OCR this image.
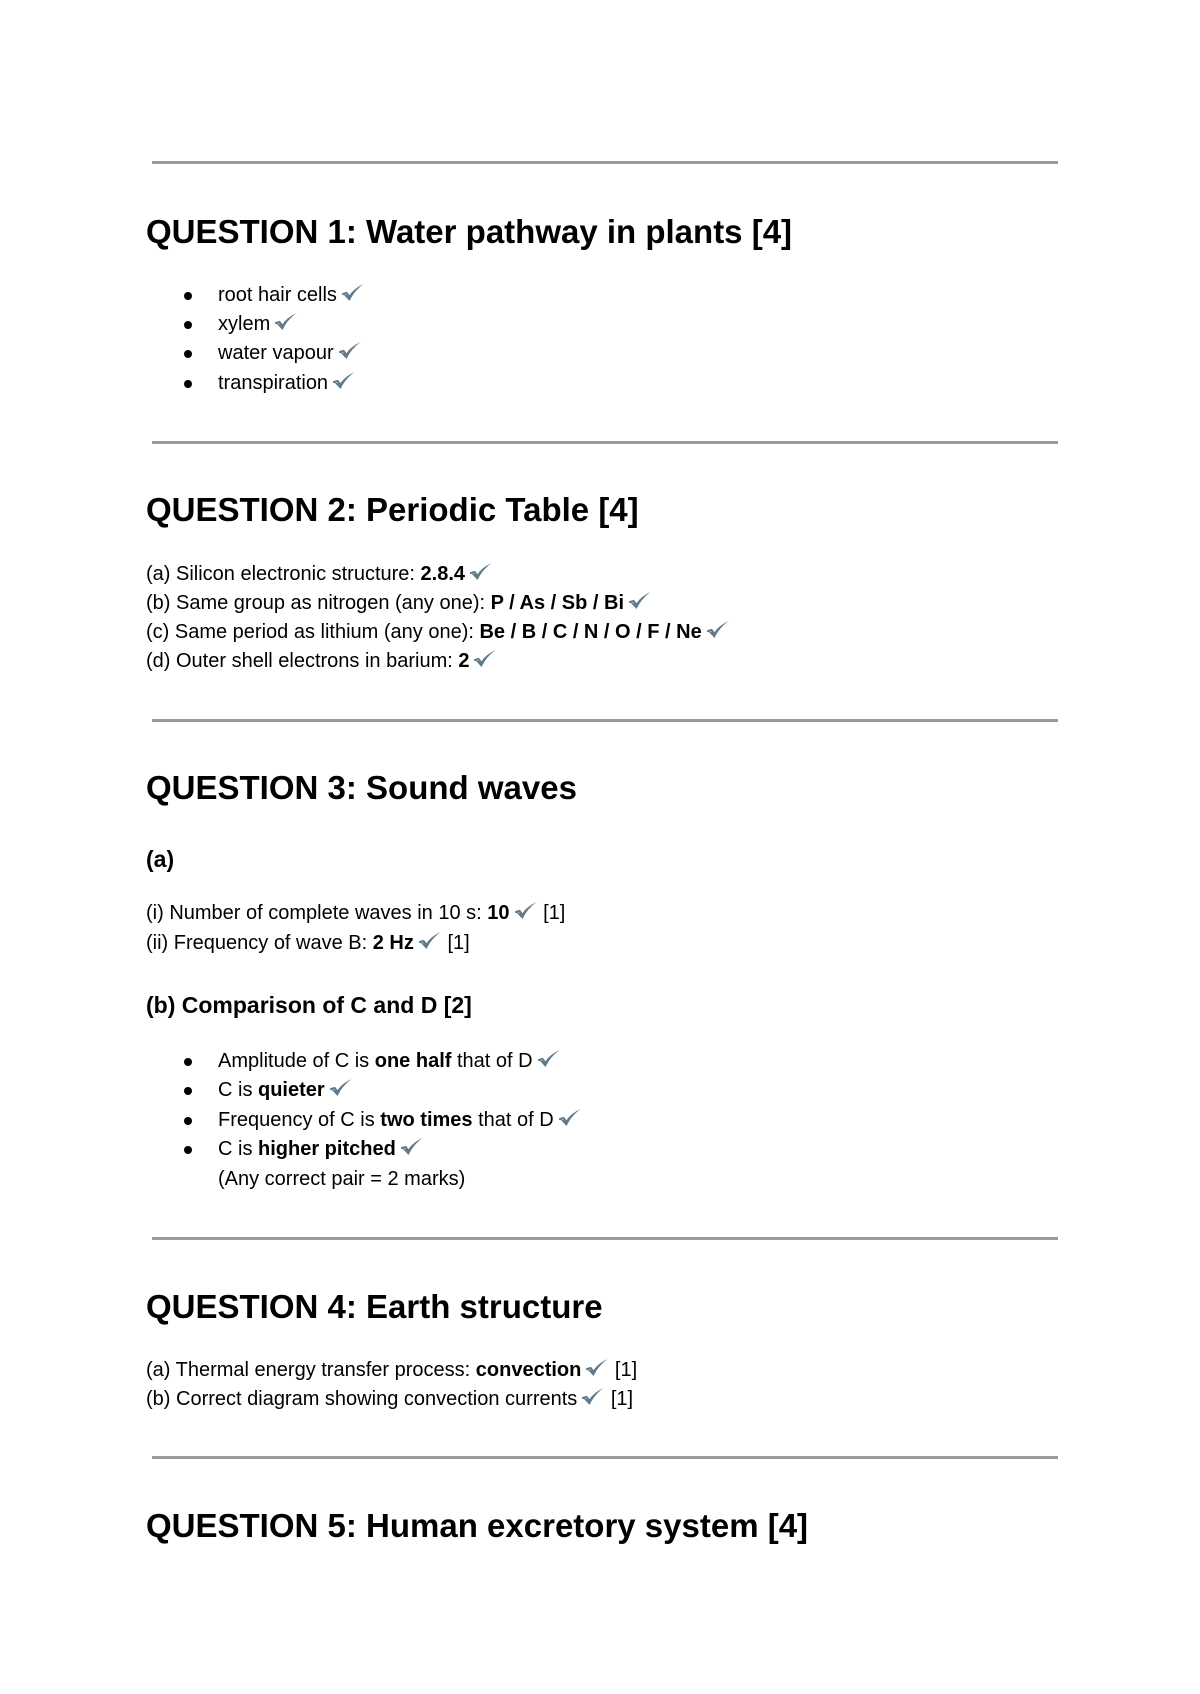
QUESTION 1: Water pathway in plants [4]

root hair cells

xylem

water vapour

transpiration

QUESTION 2: Periodic Table [4]

(a) Silicon electronic structure: 2.8.4

(b) Same group as nitrogen (any one): P / As / Sb / Bi

(c) Same period as lithium (any one): Be / B / C / N / O / F / Ne

(d) Outer shell electrons in barium: 2

QUESTION 3: Sound waves
(a)

(i) Number of complete waves in 10 s: 10 [1]

(ii) Frequency of wave B: 2 Hz [1]

(b) Comparison of C and D [2]

Amplitude of C is one half that of D

C is quieter

Frequency of C is two times that of D

C is higher pitched

(Any correct pair = 2 marks)

QUESTION 4: Earth structure

(a) Thermal energy transfer process: convection [1]

(b) Correct diagram showing convection currents [1]

QUESTION 5: Human excretory system [4]
